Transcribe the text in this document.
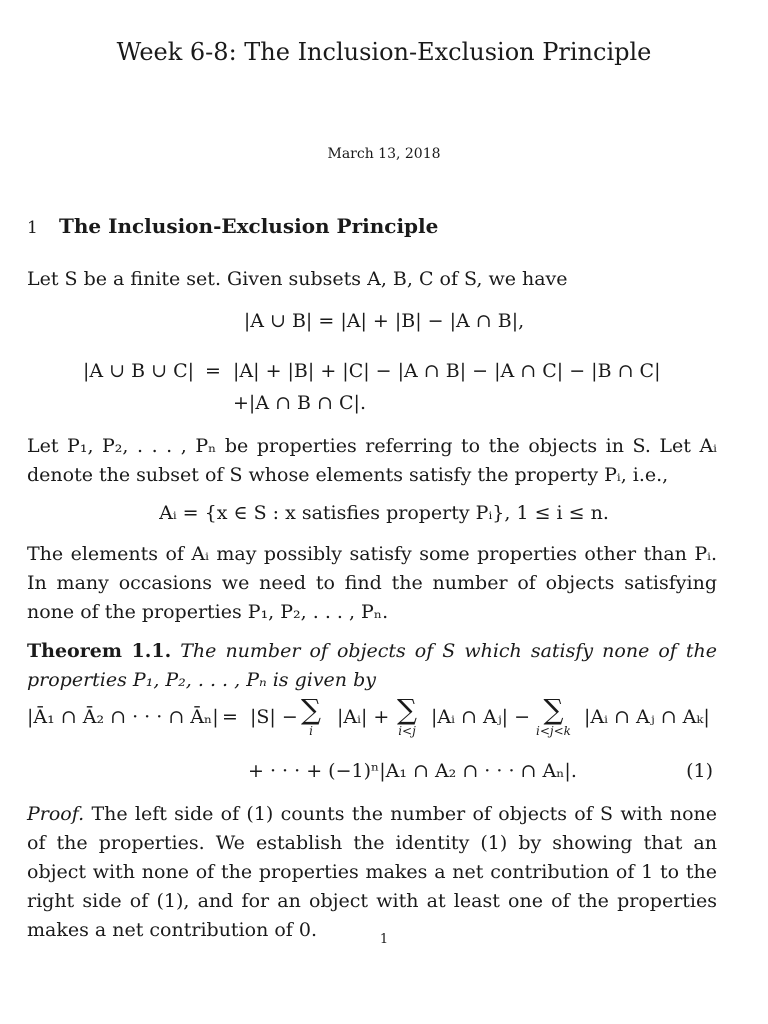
Week 6-8: The Inclusion-Exclusion Principle
March 13, 2018
1 The Inclusion-Exclusion Principle
Let S be a finite set. Given subsets A, B, C of S, we have
|A ∪ B| = |A| + |B| − |A ∩ B|,
|A ∪ B ∪ C| = |A| + |B| + |C| − |A ∩ B| − |A ∩ C| − |B ∩ C|
+|A ∩ B ∩ C|.
Let P₁, P₂, . . . , Pₙ be properties referring to the objects in S. Let Aᵢ denote the subset of S whose elements satisfy the property Pᵢ, i.e.,
Aᵢ = {x ∈ S : x satisfies property Pᵢ}, 1 ≤ i ≤ n.
The elements of Aᵢ may possibly satisfy some properties other than Pᵢ. In many occasions we need to find the number of objects satisfying none of the properties P₁, P₂, . . . , Pₙ.
Theorem 1.1. The number of objects of S which satisfy none of the properties P₁, P₂, . . . , Pₙ is given by
|Ā₁ ∩ Ā₂ ∩ · · · ∩ Āₙ| = |S| − ∑
i
|Aᵢ| + ∑
i<j
|Aᵢ ∩ Aⱼ| − ∑
i<j<k
|Aᵢ ∩ Aⱼ ∩ Aₖ|
+ · · · + (−1)ⁿ|A₁ ∩ A₂ ∩ · · · ∩ Aₙ|.	(1)
Proof. The left side of (1) counts the number of objects of S with none of the properties. We establish the identity (1) by showing that an object with none of the properties makes a net contribution of 1 to the right side of (1), and for an object with at least one of the properties makes a net contribution of 0.	1
